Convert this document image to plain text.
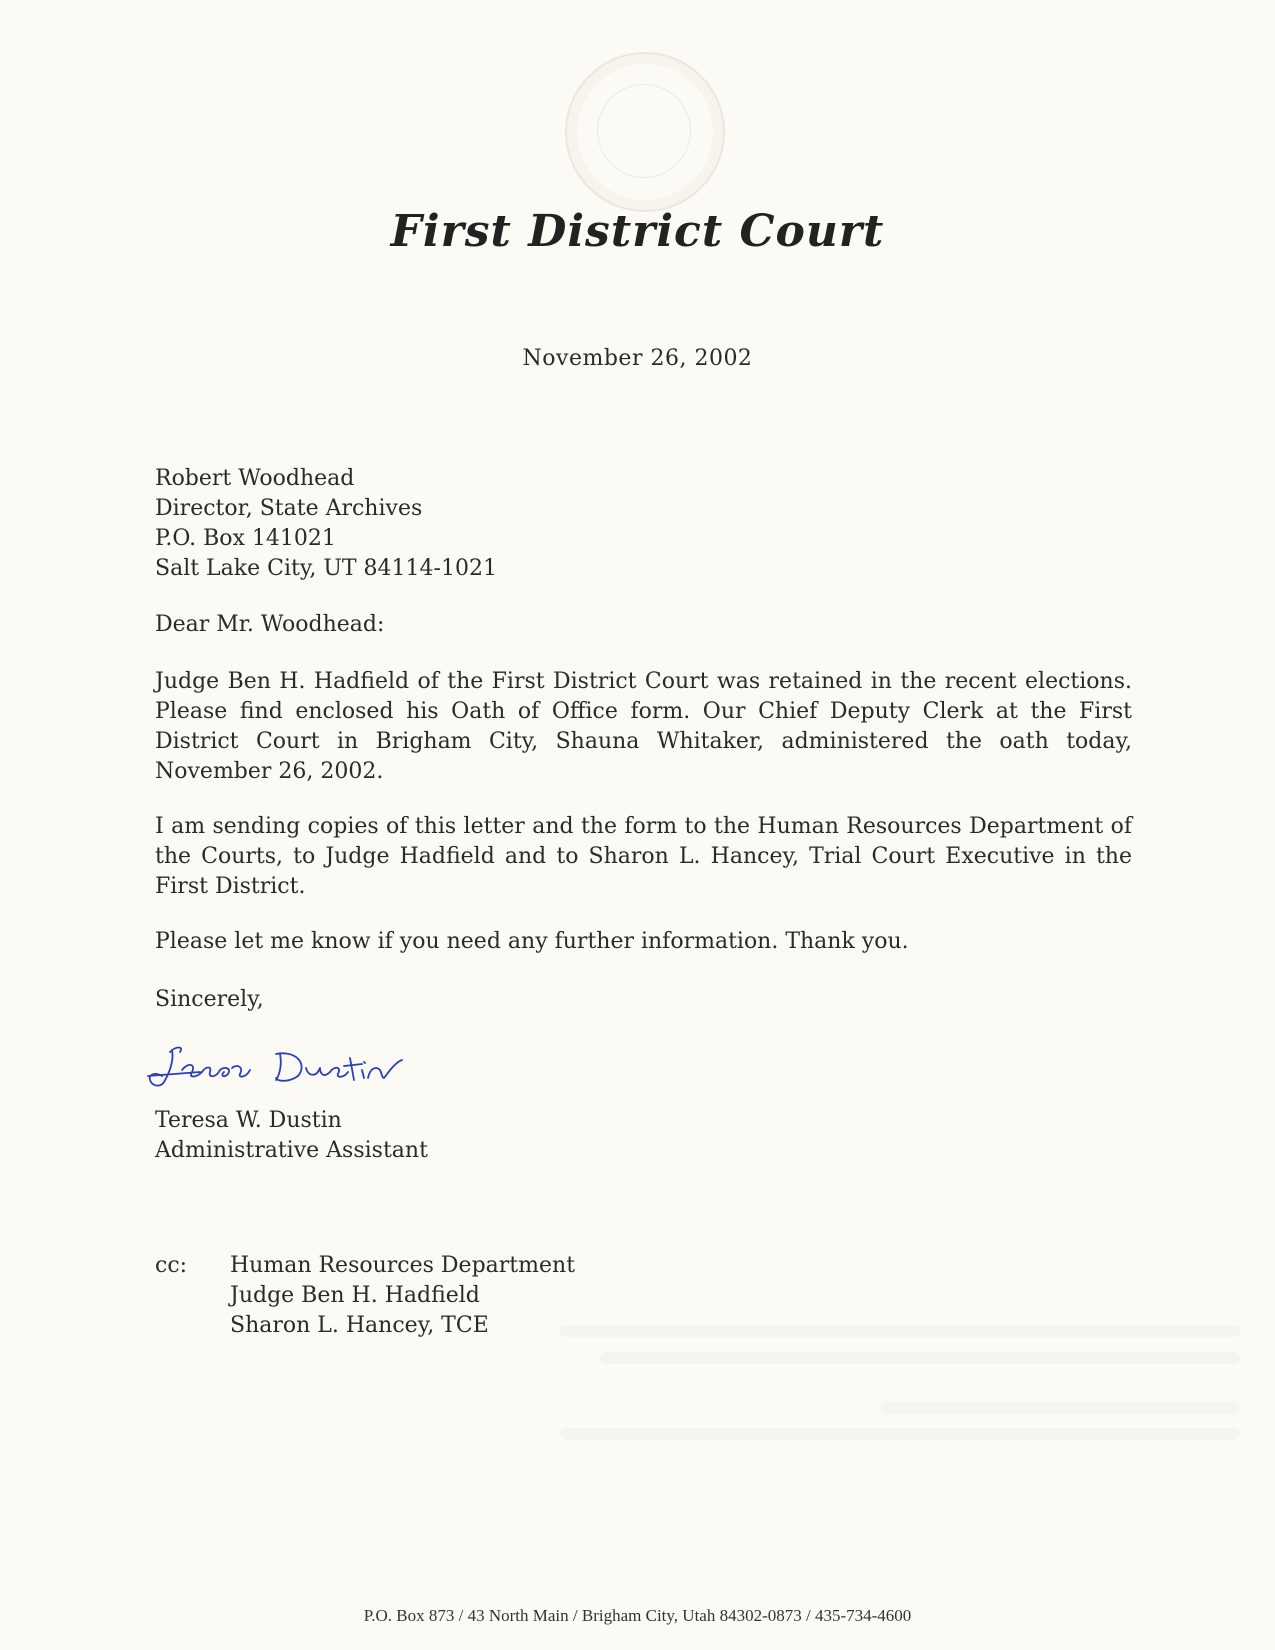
First District Court
November 26, 2002
Robert Woodhead
Director, State Archives
P.O. Box 141021
Salt Lake City, UT 84114-1021
Dear Mr. Woodhead:
Judge Ben H. Hadfield of the First District Court was retained in the recent elections. Please find enclosed his Oath of Office form. Our Chief Deputy Clerk at the First District Court in Brigham City, Shauna Whitaker, administered the oath today, November 26, 2002.
I am sending copies of this letter and the form to the Human Resources Department of the Courts, to Judge Hadfield and to Sharon L. Hancey, Trial Court Executive in the First District.
Please let me know if you need any further information. Thank you.
Sincerely,
Teresa W. Dustin
Administrative Assistant
cc: Human Resources Department
Judge Ben H. Hadfield
Sharon L. Hancey, TCE
P.O. Box 873 / 43 North Main / Brigham City, Utah 84302-0873 / 435-734-4600
